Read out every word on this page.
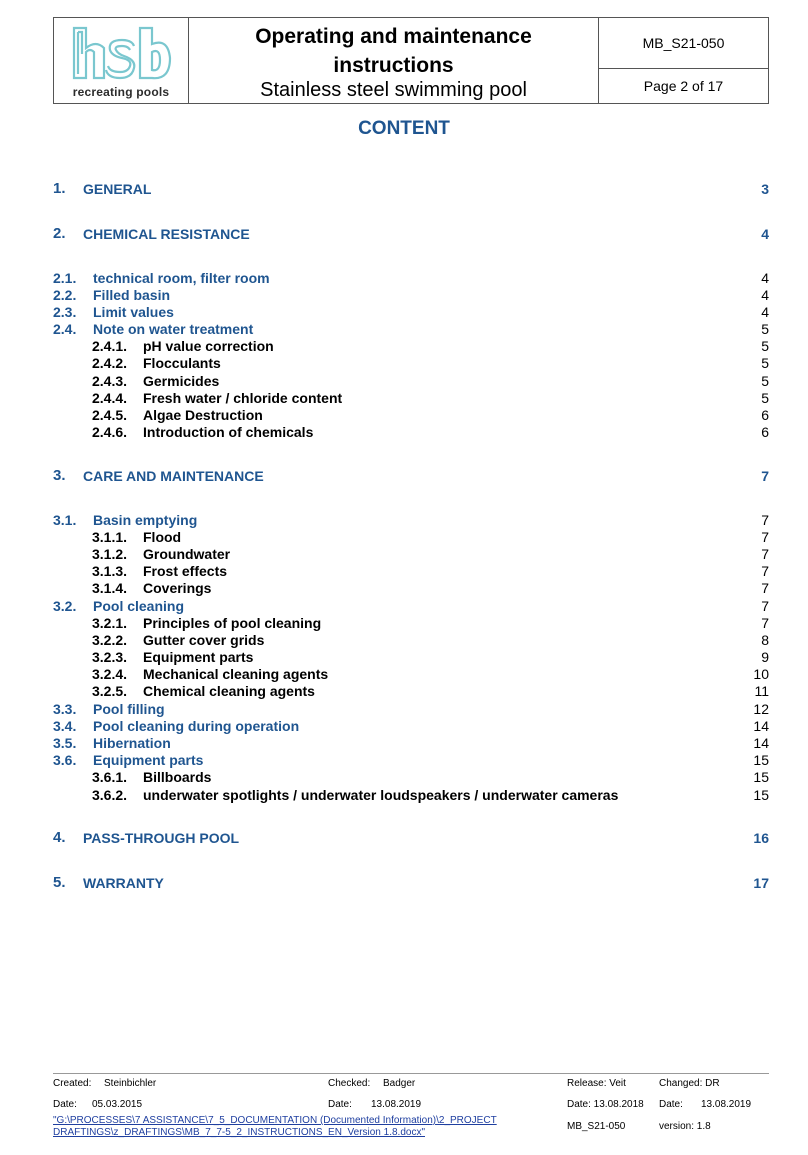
recreating pools
Operating and maintenance
instructions
Stainless steel swimming pool
MB_S21-050
Page 2 of 17
CONTENT
1. GENERAL	3
2. CHEMICAL RESISTANCE	4
2.1. technical room, filter room	4
2.2. Filled basin	4
2.3. Limit values	4
2.4. Note on water treatment	5
2.4.1. pH value correction	5
2.4.2. Flocculants	5
2.4.3. Germicides	5
2.4.4. Fresh water / chloride content	5
2.4.5. Algae Destruction	6
2.4.6. Introduction of chemicals	6
3. CARE AND MAINTENANCE	7
3.1. Basin emptying	7
3.1.1. Flood	7
3.1.2. Groundwater	7
3.1.3. Frost effects	7
3.1.4. Coverings	7
3.2. Pool cleaning	7
3.2.1. Principles of pool cleaning	7
3.2.2. Gutter cover grids	8
3.2.3. Equipment parts	9
3.2.4. Mechanical cleaning agents	10
3.2.5. Chemical cleaning agents	11
3.3. Pool filling	12
3.4. Pool cleaning during operation	14
3.5. Hibernation	14
3.6. Equipment parts	15
3.6.1. Billboards	15
3.6.2. underwater spotlights / underwater loudspeakers / underwater cameras	15
4. PASS-THROUGH POOL	16
5. WARRANTY	17
Created: Steinbichler
Date: 05.03.2015
Checked: Badger
Date: 13.08.2019
Release: Veit
Date: 13.08.2018
Changed: DR
Date: 13.08.2019
"G:\PROCESSES\7 ASSISTANCE\7_5_DOCUMENTATION (Documented Information)\2_PROJECT
DRAFTINGS\z_DRAFTINGS\MB_7_7-5_2_INSTRUCTIONS_EN_Version 1.8.docx"
MB_S21-050	version: 1.8
